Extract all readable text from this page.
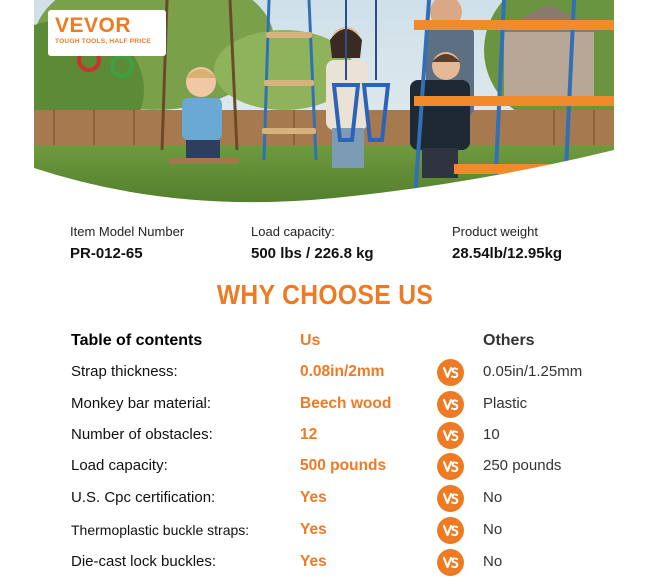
VEVOR
TOUGH TOOLS, HALF PRICE
Item Model Number
PR-012-65
Load capacity:
500 lbs / 226.8 kg
Product weight
28.54lb/12.95kg
WHY CHOOSE US
Table of contents	Us	Others
Strap thickness:	0.08in/2mm	0.05in/1.25mm
Monkey bar material:	Beech wood	Plastic
Number of obstacles:	12	10
Load capacity:	500 pounds	250 pounds
U.S. Cpc certification:	Yes	No
Thermoplastic buckle straps:	Yes	No
Die-cast lock buckles:	Yes	No
